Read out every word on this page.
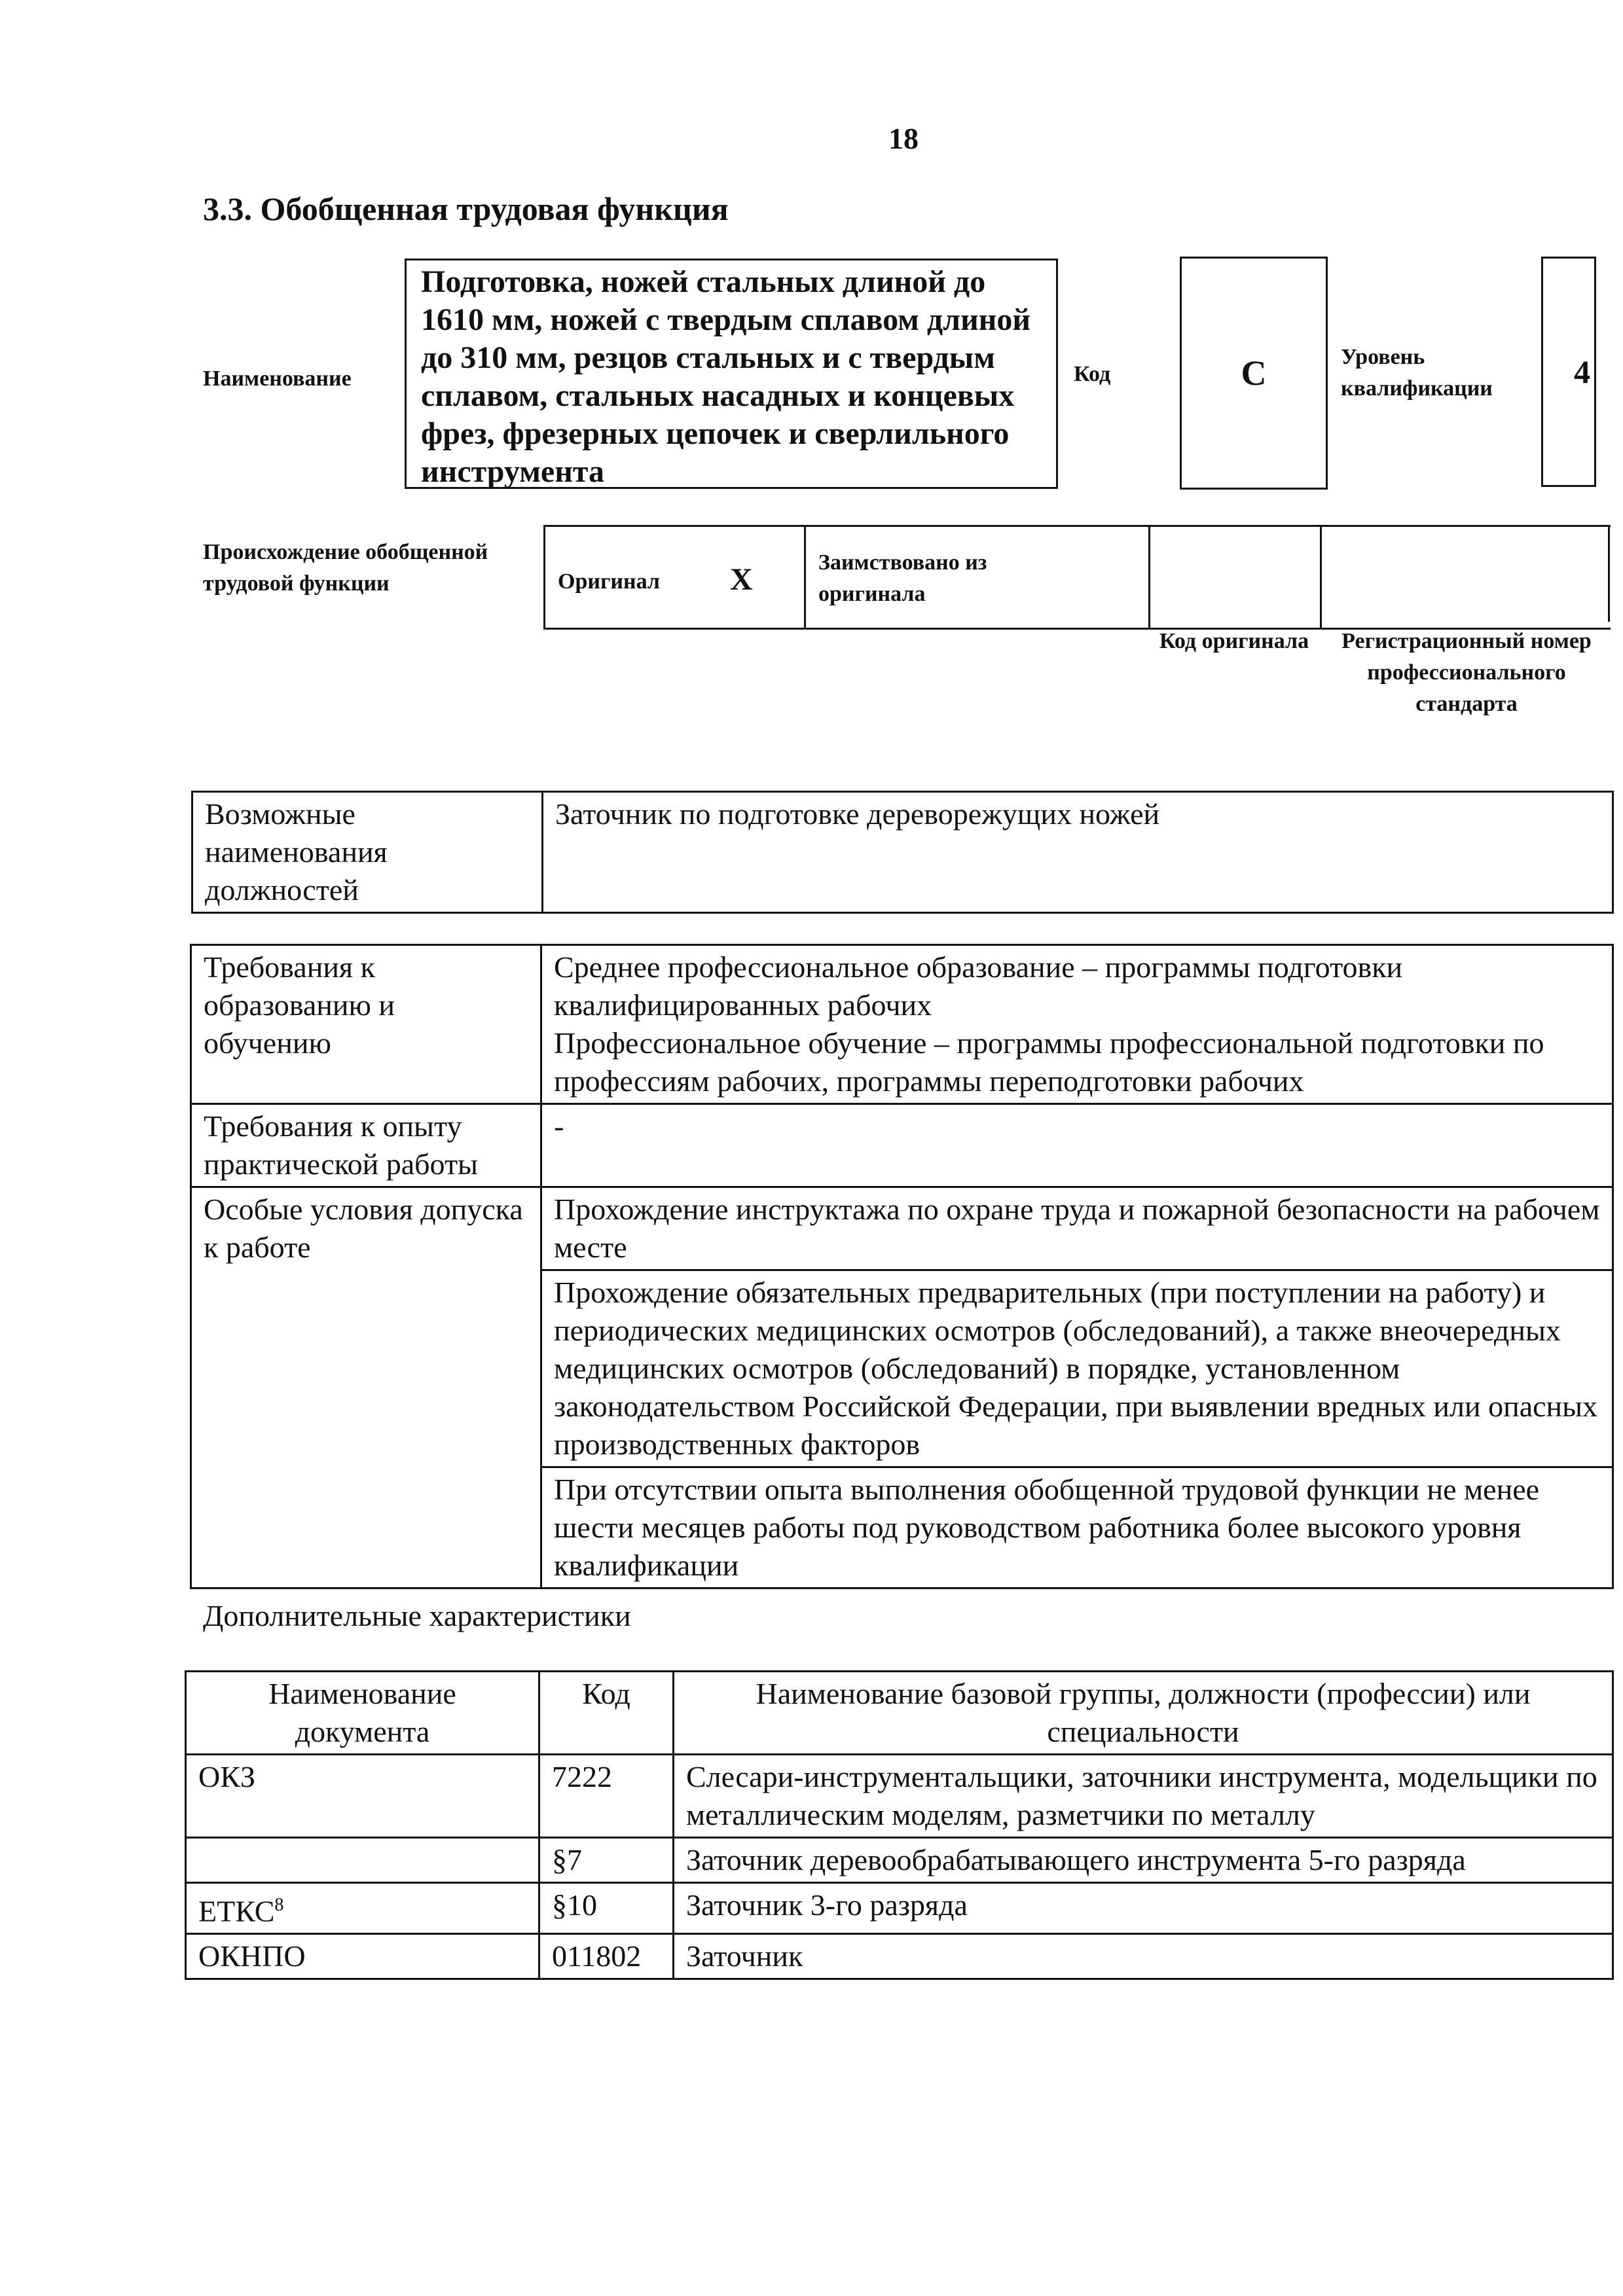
18
3.3. Обобщенная трудовая функция
Наименование
Подготовка, ножей стальных длиной до 1610 мм, ножей с твердым сплавом длиной до 310 мм, резцов стальных и с твердым сплавом, стальных насадных и концевых фрез, фрезерных цепочек и сверлильного инструмента
Код	C	Уровень квалификации	4
Происхождение обобщенной трудовой функции	Оригинал X	Заимствовано из оригинала
Код оригинала	Регистрационный номер профессионального стандарта
Возможные наименования должностей	Заточник по подготовке дереворежущих ножей
Требования к образованию и обучению	Среднее профессиональное образование – программы подготовки квалифицированных рабочих
Профессиональное обучение – программы профессиональной подготовки по профессиям рабочих, программы переподготовки рабочих

Требования к опыту практической работы	-
Особые условия допуска к работе	Прохождение инструктажа по охране труда и пожарной безопасности на рабочем месте
	Прохождение обязательных предварительных (при поступлении на работу) и периодических медицинских осмотров (обследований), а также внеочередных медицинских осмотров (обследований) в порядке, установленном законодательством Российской Федерации, при выявлении вредных или опасных производственных факторов
	При отсутствии опыта выполнения обобщенной трудовой функции не менее шести месяцев работы под руководством работника более высокого уровня квалификации
Дополнительные характеристики
Наименование документа	Код	Наименование базовой группы, должности (профессии) или специальности
ОКЗ	7222	Слесари-инструментальщики, заточники инструмента, модельщики по металлическим моделям, разметчики по металлу
	§7	Заточник деревообрабатывающего инструмента 5-го разряда
ЕТКС$^8$	§10	Заточник 3-го разряда
ОКНПО	011802	Заточник
